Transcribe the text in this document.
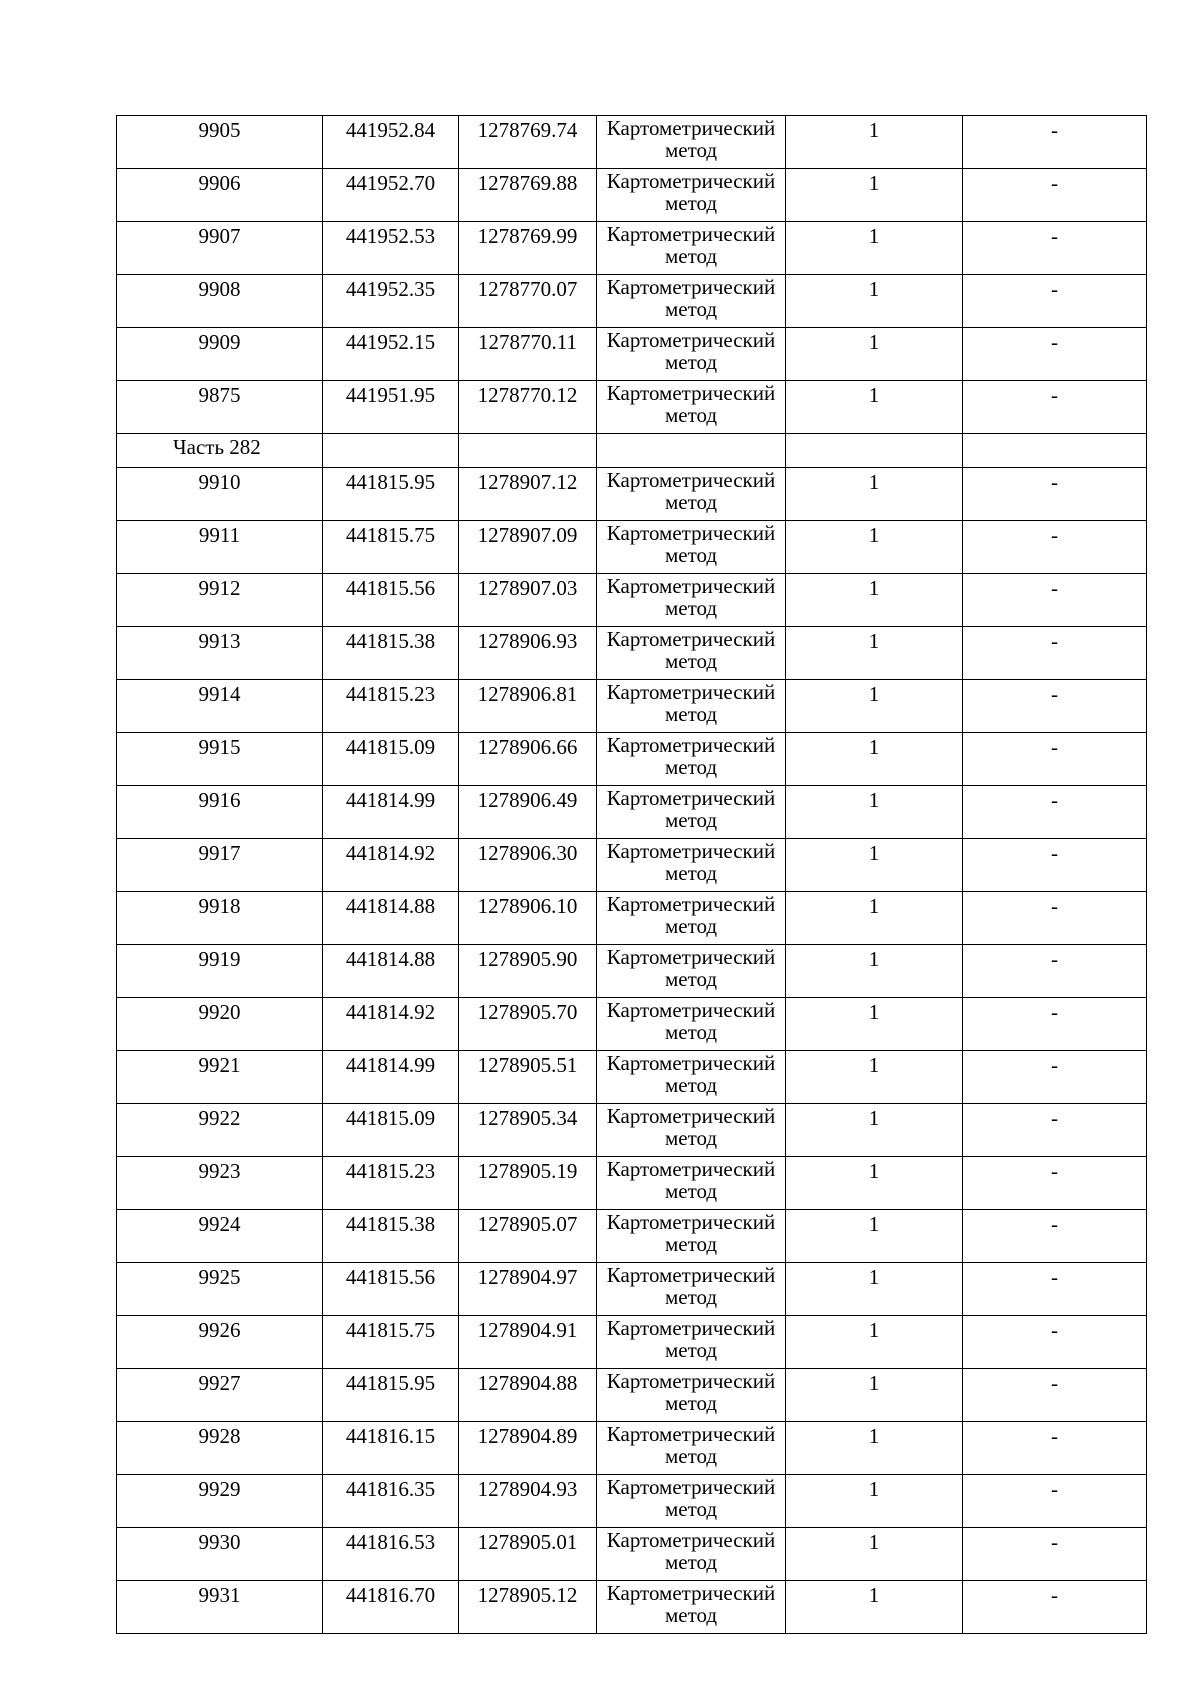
9905	441952.84	1278769.74	Картометрический
метод	1	-
9906	441952.70	1278769.88	Картометрический
метод	1	-
9907	441952.53	1278769.99	Картометрический
метод	1	-
9908	441952.35	1278770.07	Картометрический
метод	1	-
9909	441952.15	1278770.11	Картометрический
метод	1	-
9875	441951.95	1278770.12	Картометрический
метод	1	-
Часть 282					
9910	441815.95	1278907.12	Картометрический
метод	1	-
9911	441815.75	1278907.09	Картометрический
метод	1	-
9912	441815.56	1278907.03	Картометрический
метод	1	-
9913	441815.38	1278906.93	Картометрический
метод	1	-
9914	441815.23	1278906.81	Картометрический
метод	1	-
9915	441815.09	1278906.66	Картометрический
метод	1	-
9916	441814.99	1278906.49	Картометрический
метод	1	-
9917	441814.92	1278906.30	Картометрический
метод	1	-
9918	441814.88	1278906.10	Картометрический
метод	1	-
9919	441814.88	1278905.90	Картометрический
метод	1	-
9920	441814.92	1278905.70	Картометрический
метод	1	-
9921	441814.99	1278905.51	Картометрический
метод	1	-
9922	441815.09	1278905.34	Картометрический
метод	1	-
9923	441815.23	1278905.19	Картометрический
метод	1	-
9924	441815.38	1278905.07	Картометрический
метод	1	-
9925	441815.56	1278904.97	Картометрический
метод	1	-
9926	441815.75	1278904.91	Картометрический
метод	1	-
9927	441815.95	1278904.88	Картометрический
метод	1	-
9928	441816.15	1278904.89	Картометрический
метод	1	-
9929	441816.35	1278904.93	Картометрический
метод	1	-
9930	441816.53	1278905.01	Картометрический
метод	1	-
9931	441816.70	1278905.12	Картометрический
метод	1	-
